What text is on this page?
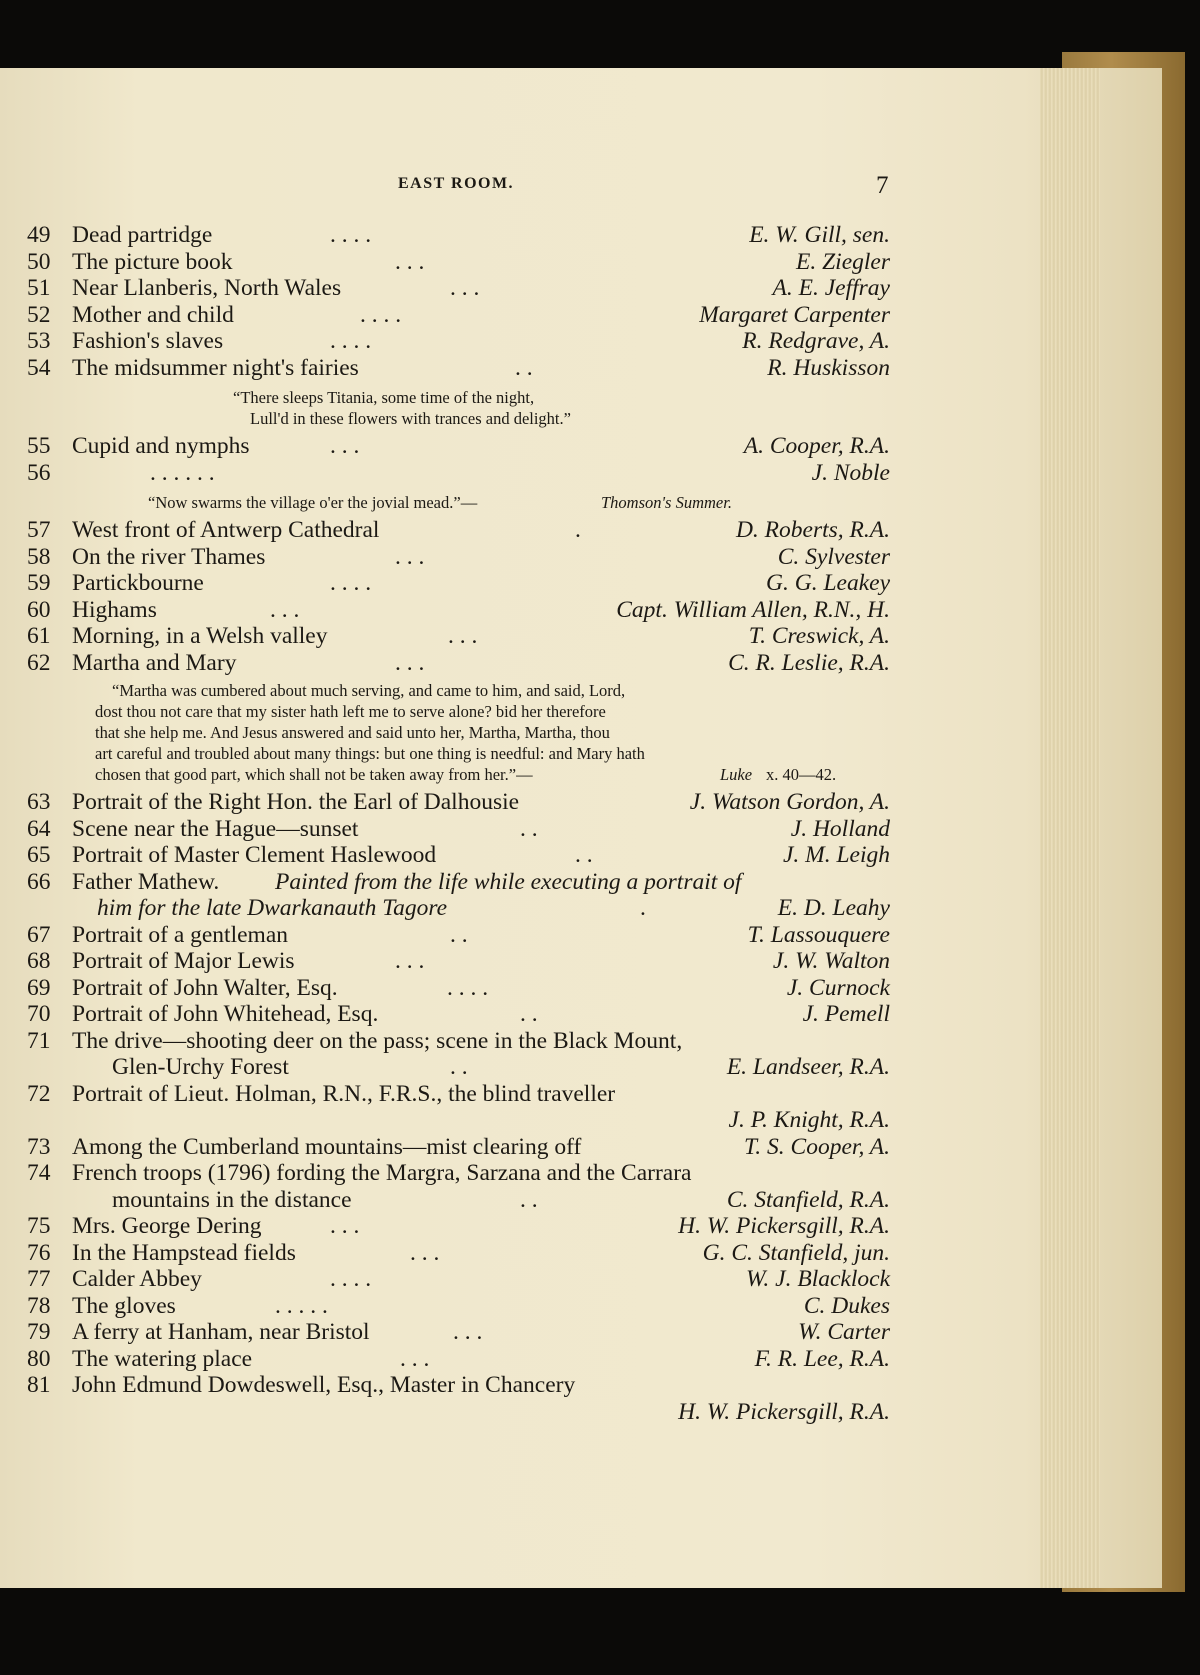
EAST ROOM.	7
49 Dead partridge	. . . .	E. W. Gill, sen.
50 The picture book	. . .	E. Ziegler
51 Near Llanberis, North Wales	. . .	A. E. Jeffray
52 Mother and child	. . . .	Margaret Carpenter
53 Fashion's slaves	. . . .	R. Redgrave, A.
54 The midsummer night's fairies	. .	R. Huskisson
“There sleeps Titania, some time of the night,
Lull'd in these flowers with trances and delight.”
55 Cupid and nymphs	. . .	A. Cooper, R.A.
56	. . . . . .	J. Noble
“Now swarms the village o'er the jovial mead.”—	Thomson's Summer.
57 West front of Antwerp Cathedral	.	D. Roberts, R.A.
58 On the river Thames	. . .	C. Sylvester
59 Partickbourne	. . . .	G. G. Leakey
60 Highams	. . .	Capt. William Allen, R.N., H.
61 Morning, in a Welsh valley	. . .	T. Creswick, A.
62 Martha and Mary	. . .	C. R. Leslie, R.A.
“Martha was cumbered about much serving, and came to him, and said, Lord,
dost thou not care that my sister hath left me to serve alone? bid her therefore
that she help me. And Jesus answered and said unto her, Martha, Martha, thou
art careful and troubled about many things: but one thing is needful: and Mary hath
chosen that good part, which shall not be taken away from her.”—	Luke x. 40—42.
63 Portrait of the Right Hon. the Earl of Dalhousie	J. Watson Gordon, A.
64 Scene near the Hague—sunset	. .	J. Holland
65 Portrait of Master Clement Haslewood	. .	J. M. Leigh
66 Father Mathew. Painted from the life while executing a portrait of
him for the late Dwarkanauth Tagore	.	E. D. Leahy
67 Portrait of a gentleman	. .	T. Lassouquere
68 Portrait of Major Lewis	. . .	J. W. Walton
69 Portrait of John Walter, Esq.	. . . .	J. Curnock
70 Portrait of John Whitehead, Esq.	. .	J. Pemell
71 The drive—shooting deer on the pass; scene in the Black Mount,
Glen-Urchy Forest	. .	E. Landseer, R.A.
72 Portrait of Lieut. Holman, R.N., F.R.S., the blind traveller
J. P. Knight, R.A.
73 Among the Cumberland mountains—mist clearing off	T. S. Cooper, A.
74 French troops (1796) fording the Margra, Sarzana and the Carrara
mountains in the distance	. .	C. Stanfield, R.A.
75 Mrs. George Dering	. . .	H. W. Pickersgill, R.A.
76 In the Hampstead fields	. . .	G. C. Stanfield, jun.
77 Calder Abbey	. . . .	W. J. Blacklock
78 The gloves	. . . . .	C. Dukes
79 A ferry at Hanham, near Bristol	. . .	W. Carter
80 The watering place	. . .	F. R. Lee, R.A.
81 John Edmund Dowdeswell, Esq., Master in Chancery
H. W. Pickersgill, R.A.
